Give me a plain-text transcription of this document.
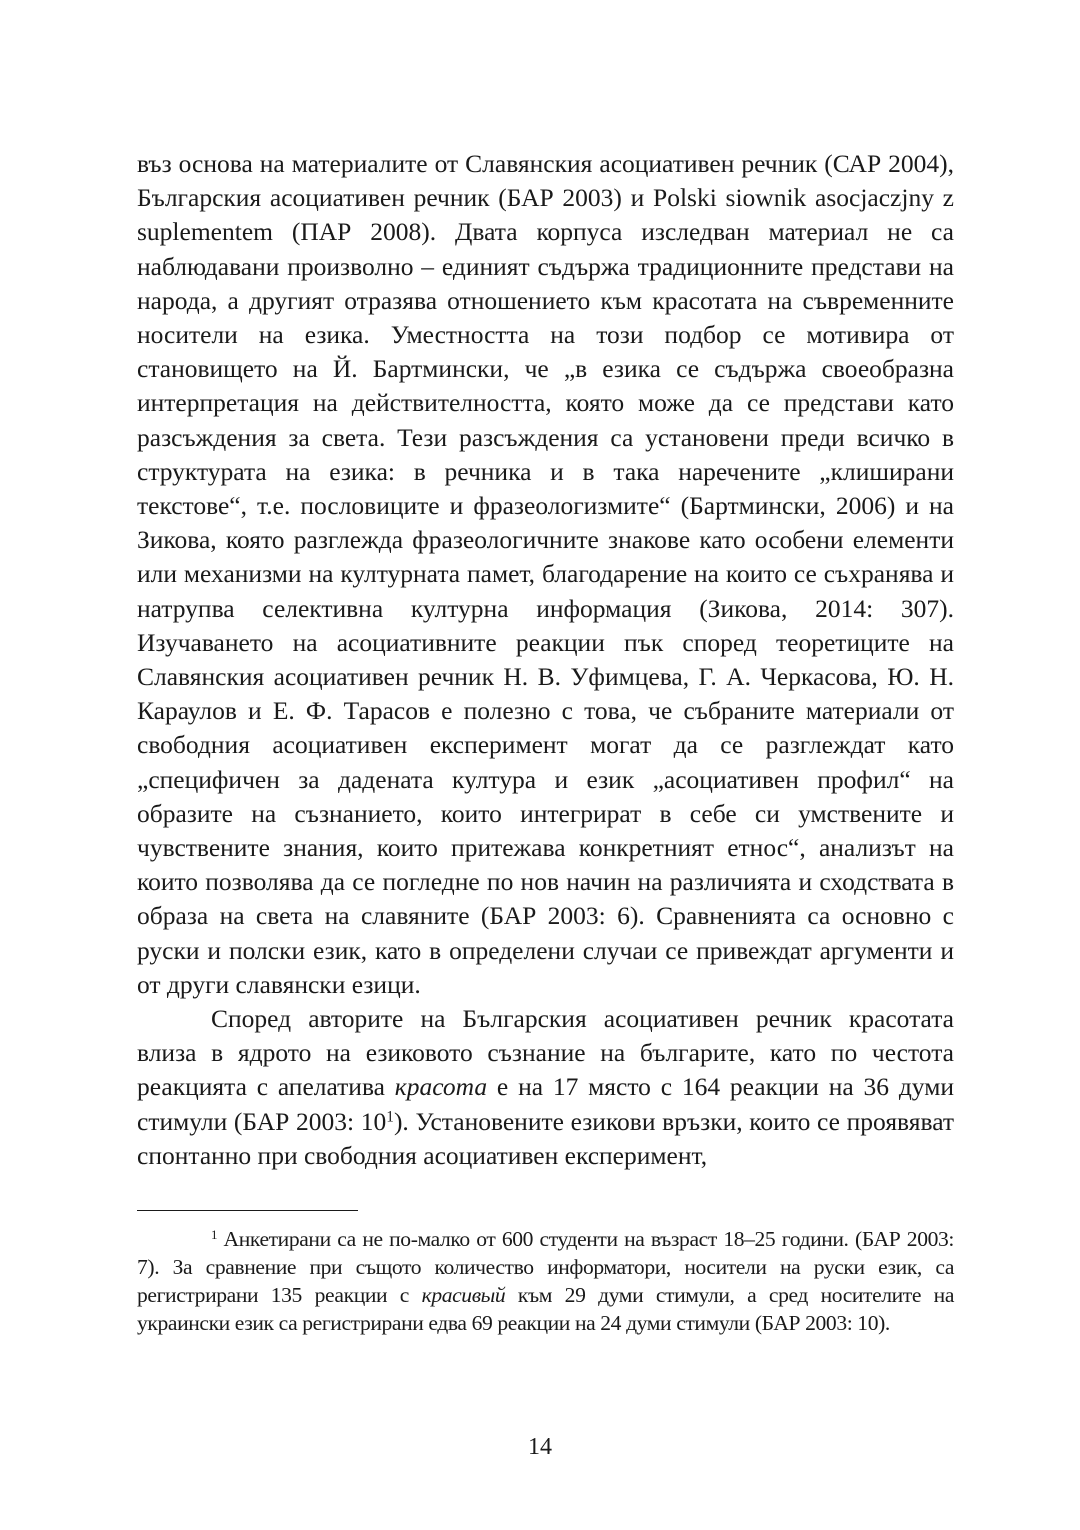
въз основа на материалите от Славянския асоциативен речник (САР 2004), Българския асоциативен речник (БАР 2003) и Polski siownik asocjaczjny z suplementem (ПАР 2008). Двата корпуса изследван материал не са наблюдавани произволно – единият съдържа традиционните представи на народа, а другият отразява отношението към красотата на съвременните носители на езика. Уместността на този подбор се мотивира от становището на Й. Бартмински, че „в езика се съдържа своеобразна интерпретация на действителността, която може да се представи като разсъждения за света. Тези разсъждения са установени преди всичко в структурата на езика: в речника и в така наречените „клиширани текстове“, т.е. пословиците и фразеологизмите“ (Бартмински, 2006) и на Зикова, която разглежда фразеологичните знакове като особени елементи или механизми на културната памет, благодарение на които се съхранява и натрупва селективна културна информация (Зикова, 2014: 307). Изучаването на асоциативните реакции пък според теоретиците на Славянския асоциативен речник Н. В. Уфимцева, Г. А. Черкасова, Ю. Н. Караулов и Е. Ф. Тарасов е полезно с това, че събраните материали от свободния асоциативен експеримент могат да се разглеждат като „специфичен за дадената култура и език „асоциативен профил“ на образите на съзнанието, които интегрират в себе си умствените и чувствените знания, които притежава конкретният етнос“, анализът на които позволява да се погледне по нов начин на различията и сходствата в образа на света на славяните (БАР 2003: 6). Сравненията са основно с руски и полски език, като в определени случаи се привеждат аргументи и от други славянски езици.

Според авторите на Българския асоциативен речник красотата влиза в ядрото на езиковото съзнание на българите, като по честота реакцията с апелатива красота е на 17 място с 164 реакции на 36 думи стимули (БАР 2003: $10^1$). Установените езикови връзки, които се проявяват спонтанно при свободния асоциативен експеримент,

$^1$ Анкетирани са не по-малко от 600 студенти на възраст 18–25 години. (БАР 2003: 7). За сравнение при същото количество информатори, носители на руски език, са регистрирани 135 реакции с красивый към 29 думи стимули, а сред носителите на украински език са регистрирани едва 69 реакции на 24 думи стимули (БАР 2003: 10).

14
